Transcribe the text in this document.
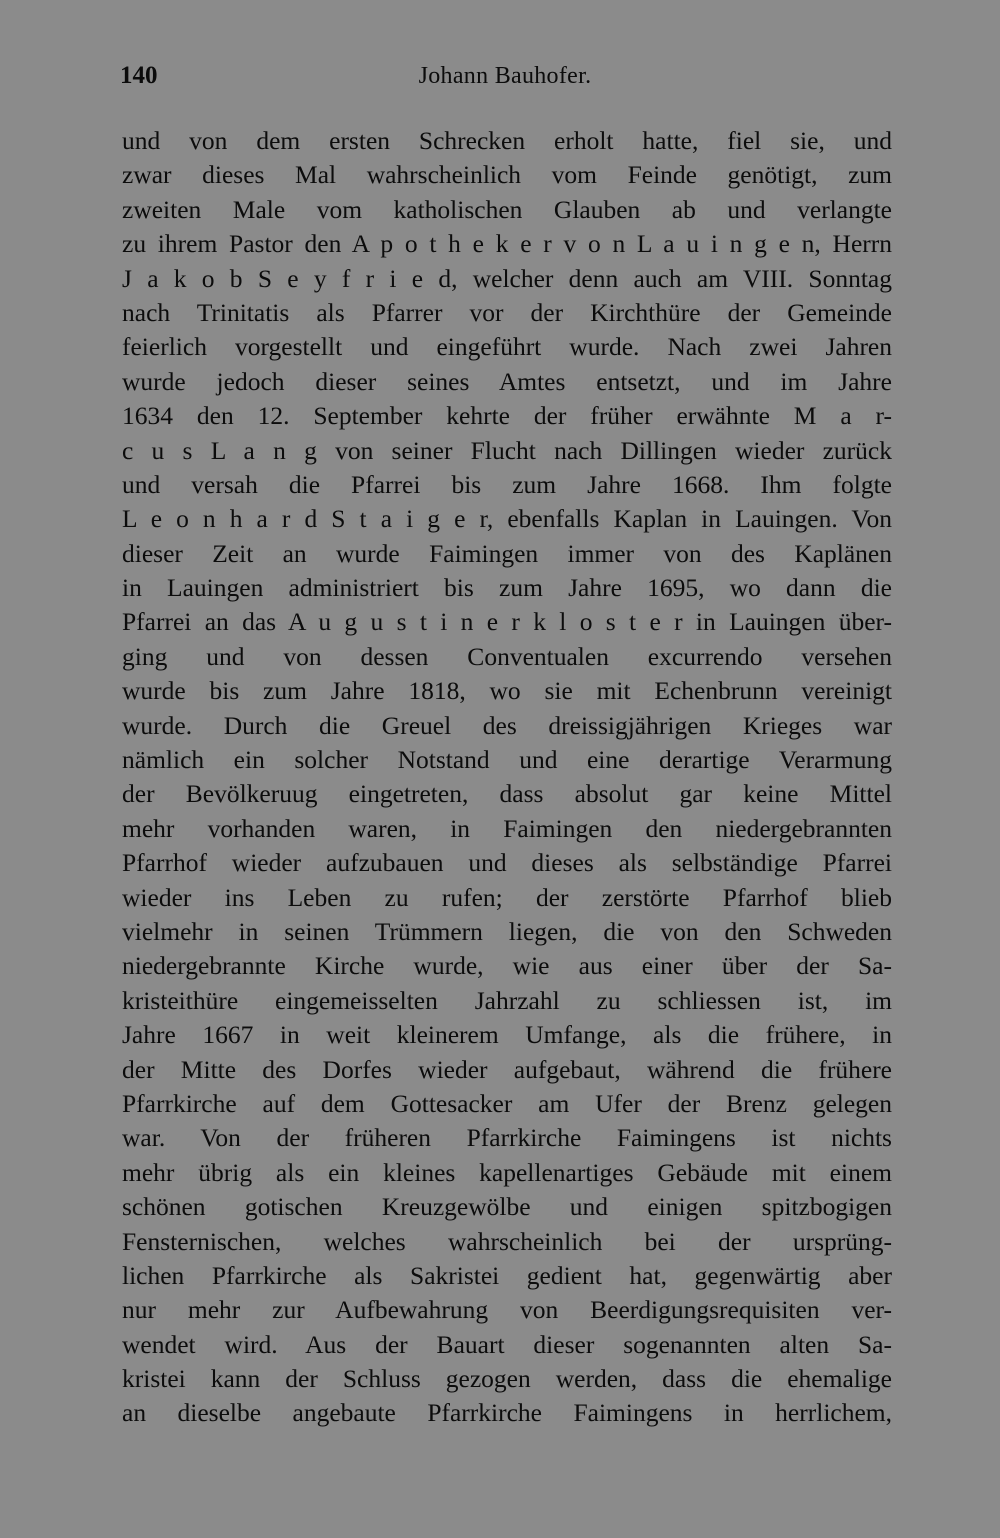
140	Johann Bauhofer.
und von dem ersten Schrecken erholt hatte, fiel sie, und
zwar dieses Mal wahrscheinlich vom Feinde genötigt, zum
zweiten Male vom katholischen Glauben ab und verlangte
zu ihrem Pastor den A p o t h e k e r v o n L a u i n g e n, Herrn
J a k o b S e y f r i e d, welcher denn auch am VIII. Sonntag
nach Trinitatis als Pfarrer vor der Kirchthüre der Gemeinde
feierlich vorgestellt und eingeführt wurde. Nach zwei Jahren
wurde jedoch dieser seines Amtes entsetzt, und im Jahre
1634 den 12. September kehrte der früher erwähnte M a r-
c u s L a n g von seiner Flucht nach Dillingen wieder zurück
und versah die Pfarrei bis zum Jahre 1668. Ihm folgte
L e o n h a r d S t a i g e r, ebenfalls Kaplan in Lauingen. Von
dieser Zeit an wurde Faimingen immer von des Kaplänen
in Lauingen administriert bis zum Jahre 1695, wo dann die
Pfarrei an das A u g u s t i n e r k l o s t e r in Lauingen über-
ging und von dessen Conventualen excurrendo versehen
wurde bis zum Jahre 1818, wo sie mit Echenbrunn vereinigt
wurde. Durch die Greuel des dreissigjährigen Krieges war
nämlich ein solcher Notstand und eine derartige Verarmung
der Bevölkeruug eingetreten, dass absolut gar keine Mittel
mehr vorhanden waren, in Faimingen den niedergebrannten
Pfarrhof wieder aufzubauen und dieses als selbständige Pfarrei
wieder ins Leben zu rufen; der zerstörte Pfarrhof blieb
vielmehr in seinen Trümmern liegen, die von den Schweden
niedergebrannte Kirche wurde, wie aus einer über der Sa-
kristeithüre eingemeisselten Jahrzahl zu schliessen ist, im
Jahre 1667 in weit kleinerem Umfange, als die frühere, in
der Mitte des Dorfes wieder aufgebaut, während die frühere
Pfarrkirche auf dem Gottesacker am Ufer der Brenz gelegen
war. Von der früheren Pfarrkirche Faimingens ist nichts
mehr übrig als ein kleines kapellenartiges Gebäude mit einem
schönen gotischen Kreuzgewölbe und einigen spitzbogigen
Fensternischen, welches wahrscheinlich bei der ursprüng-
lichen Pfarrkirche als Sakristei gedient hat, gegenwärtig aber
nur mehr zur Aufbewahrung von Beerdigungsrequisiten ver-
wendet wird. Aus der Bauart dieser sogenannten alten Sa-
kristei kann der Schluss gezogen werden, dass die ehemalige
an dieselbe angebaute Pfarrkirche Faimingens in herrlichem,
